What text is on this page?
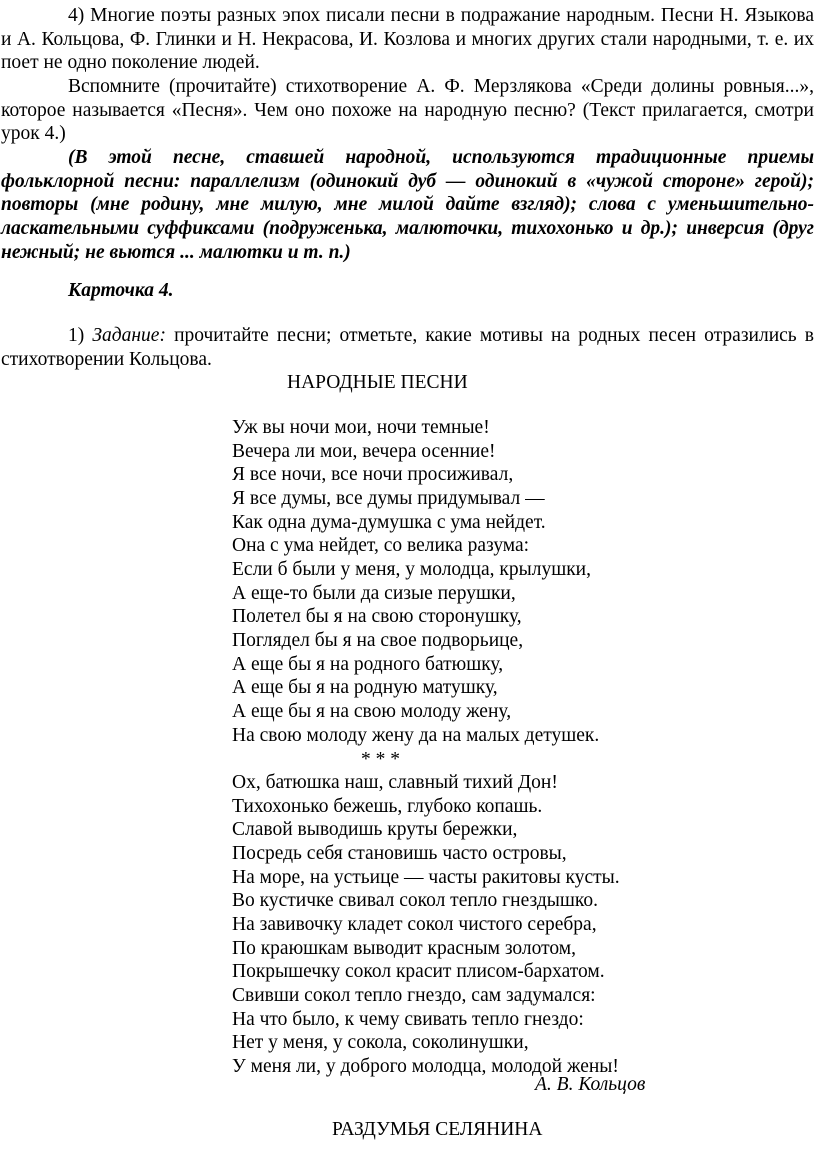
4) Многие поэты разных эпох писали песни в подражание народным. Песни Н. Языкова и А. Кольцова, Ф. Глинки и Н. Некрасова, И. Козлова и многих других стали народными, т. е. их поет не одно поколение людей.

Вспомните (прочитайте) стихотворение А. Ф. Мерзлякова «Среди долины ровныя...», которое называется «Песня». Чем оно похоже на народную песню? (Текст прилагается, смотри урок 4.)

(В этой песне, ставшей народной, используются традиционные приемы фольклорной песни: параллелизм (одинокий дуб — одинокий в «чужой стороне» герой); повторы (мне родину, мне милую, мне милой дайте взгляд); слова с уменьшительно-ласкательными суффиксами (подруженька, малюточки, тихохонько и др.); инверсия (друг нежный; не вьются ... малютки и т. п.)

Карточка 4.

1) Задание: прочитайте песни; отметьте, какие мотивы на родных песен отразились в стихотворении Кольцова.

НАРОДНЫЕ ПЕСНИ
Уж вы ночи мои, ночи темные!
Вечера ли мои, вечера осенние!
Я все ночи, все ночи просиживал,
Я все думы, все думы придумывал —
Как одна дума-думушка с ума нейдет.
Она с ума нейдет, со велика разума:
Если б были у меня, у молодца, крылушки,
А еще-то были да сизые перушки,
Полетел бы я на свою сторонушку,
Поглядел бы я на свое подворьице,
А еще бы я на родного батюшку,
А еще бы я на родную матушку,
А еще бы я на свою молоду жену,
На свою молоду жену да на малых детушек.
* * *
Ох, батюшка наш, славный тихий Дон!
Тихохонько бежешь, глубоко копашь.
Славой выводишь круты бережки,
Посредь себя становишь часто островы,
На море, на устьице — часты ракитовы кусты.
Во кустичке свивал сокол тепло гнездышко.
На завивочку кладет сокол чистого серебра,
По краюшкам выводит красным золотом,
Покрышечку сокол красит плисом-бархатом.
Свивши сокол тепло гнездо, сам задумался:
На что было, к чему свивать тепло гнездо:
Нет у меня, у сокола, соколинушки,
У меня ли, у доброго молодца, молодой жены!
А. В. Кольцов
РАЗДУМЬЯ СЕЛЯНИНА
